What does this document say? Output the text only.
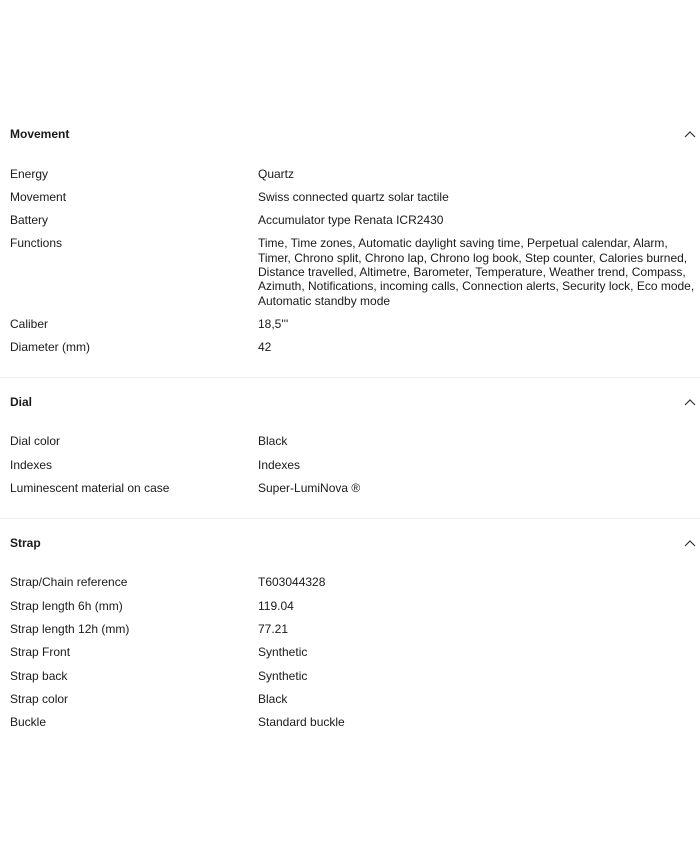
Movement
Energy	Quartz
Movement	Swiss connected quartz solar tactile
Battery	Accumulator type Renata ICR2430
Functions	Time, Time zones, Automatic daylight saving time, Perpetual calendar, Alarm, Timer, Chrono split, Chrono lap, Chrono log book, Step counter, Calories burned, Distance travelled, Altimetre, Barometer, Temperature, Weather trend, Compass, Azimuth, Notifications, incoming calls, Connection alerts, Security lock, Eco mode, Automatic standby mode
Caliber	18,5'''
Diameter (mm)	42
Dial
Dial color	Black
Indexes	Indexes
Luminescent material on case	Super-LumiNova ®
Strap
Strap/Chain reference	T603044328
Strap length 6h (mm)	119.04
Strap length 12h (mm)	77.21
Strap Front	Synthetic
Strap back	Synthetic
Strap color	Black
Buckle	Standard buckle
